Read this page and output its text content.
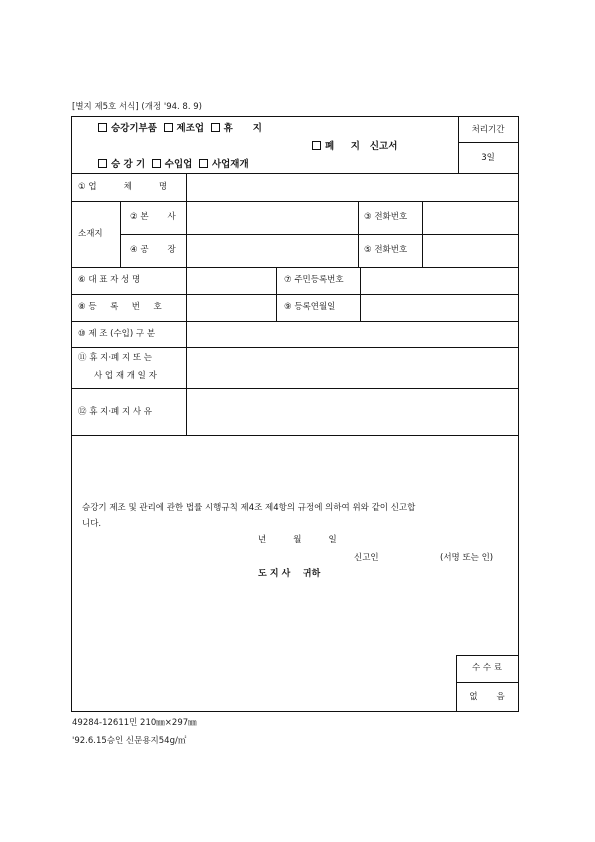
[별지 제5호 서식] (개정 '94. 8. 9)
승강기부품 제조업 휴 지
폐 지 신고서
승 강 기 수입업 사업재개
처리기간
3일
① 업	체	명
소재지
② 본 사	③ 전화번호
④ 공 장	⑤ 전화번호
⑥ 대 표 자 성 명	⑦ 주민등록번호
⑧ 등 록 번 호	⑨ 등록연월일
⑩ 제 조 (수입) 구 분
⑪ 휴 지·폐 지 또 는
사 업 재 개 일 자
⑫ 휴 지·폐 지 사 유
승강기 제조 및 관리에 관한 법률 시행규칙 제4조 제4항의 규정에 의하여 위와 같이 신고합
니다.
년	월	일
신고인	(서명 또는 인)
도 지 사 귀하
수 수 료
없 음
49284-12611민 210㎜×297㎜
'92.6.15승인 신문용지54g/㎡
